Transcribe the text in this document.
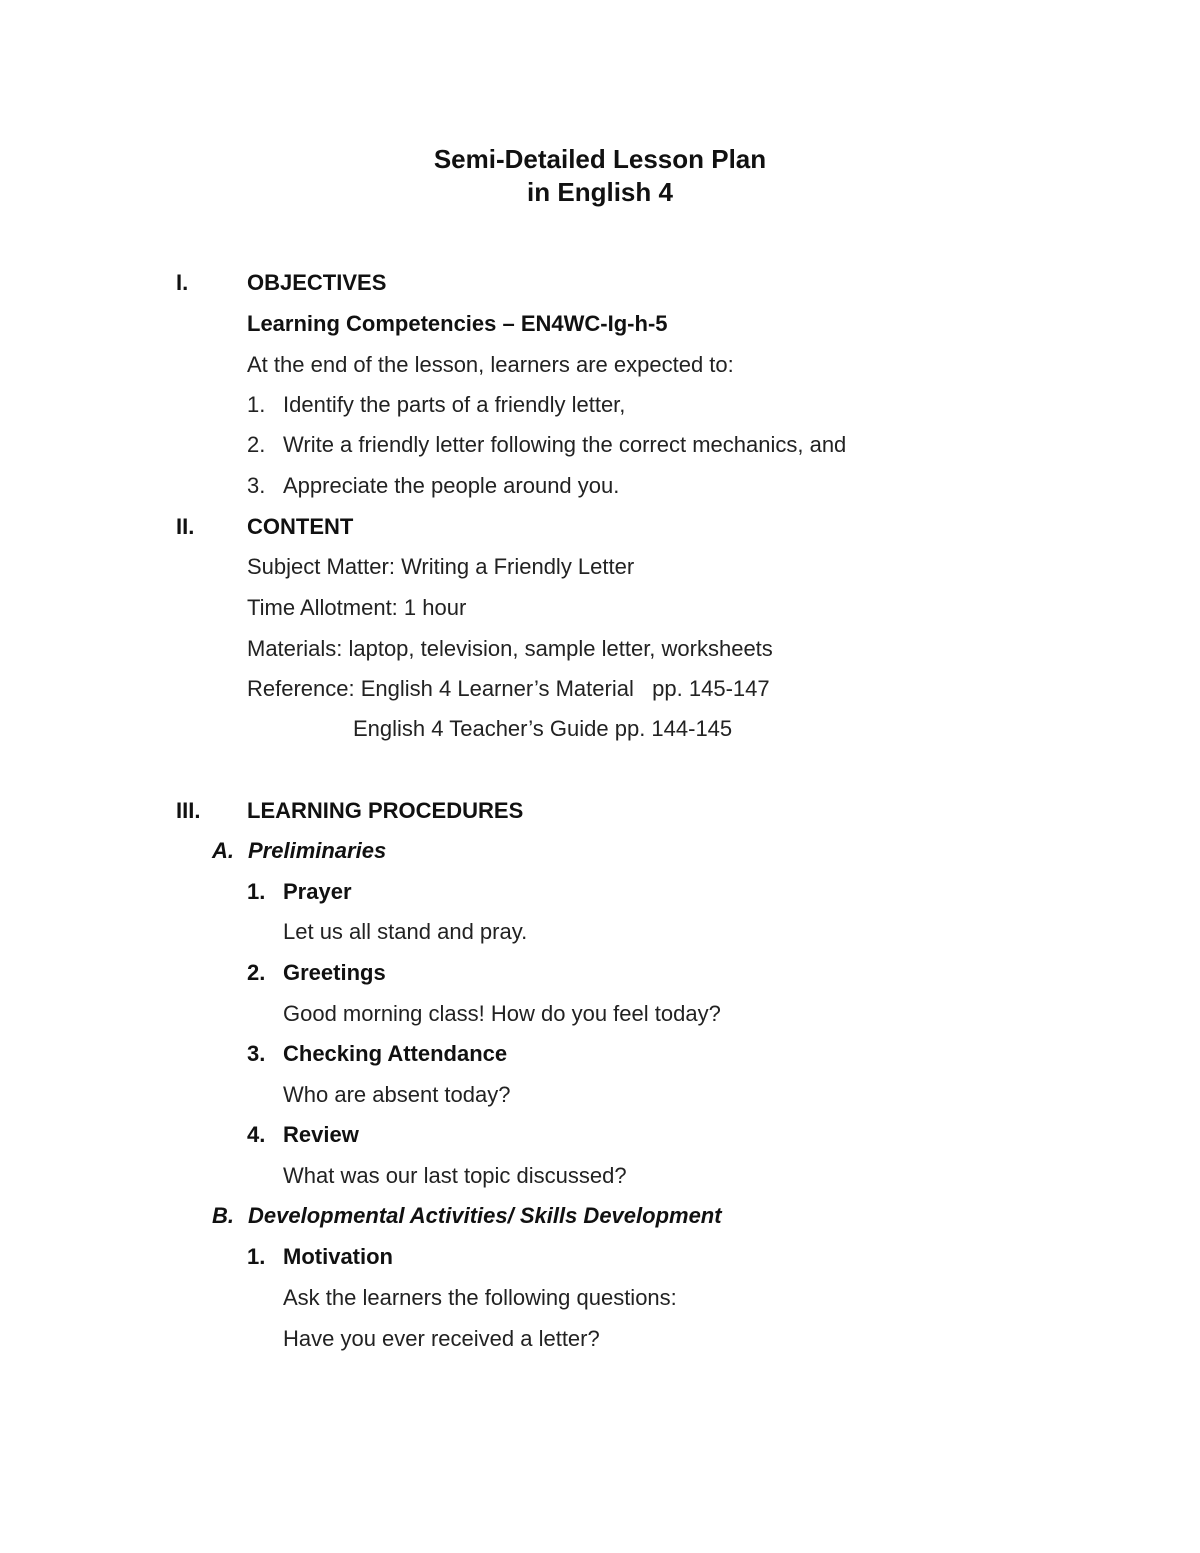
Semi-Detailed Lesson Plan
in English 4
I.	OBJECTIVES
Learning Competencies – EN4WC-Ig-h-5
At the end of the lesson, learners are expected to:
1. Identify the parts of a friendly letter,
2. Write a friendly letter following the correct mechanics, and
3. Appreciate the people around you.
II. CONTENT
Subject Matter: Writing a Friendly Letter
Time Allotment: 1 hour
Materials: laptop, television, sample letter, worksheets
Reference: English 4 Learner’s Material   pp. 145-147
English 4 Teacher’s Guide pp. 144-145
III. LEARNING PROCEDURES
A. Preliminaries
1. Prayer
Let us all stand and pray.
2. Greetings
Good morning class! How do you feel today?
3. Checking Attendance
Who are absent today?
4. Review
What was our last topic discussed?
B. Developmental Activities/ Skills Development
1. Motivation
Ask the learners the following questions:
Have you ever received a letter?
